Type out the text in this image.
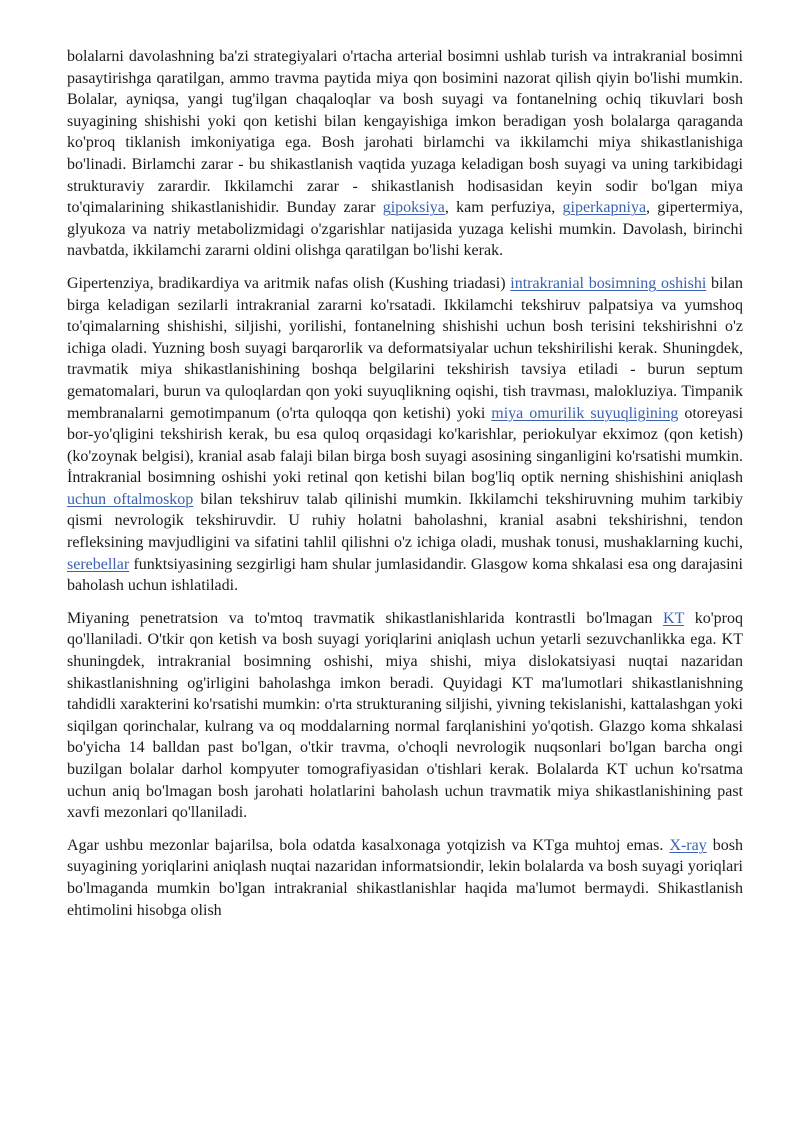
bolalarni davolashning ba'zi strategiyalari o'rtacha arterial bosimni ushlab turish va intrakranial bosimni pasaytirishga qaratilgan, ammo travma paytida miya qon bosimini nazorat qilish qiyin bo'lishi mumkin. Bolalar, ayniqsa, yangi tug'ilgan chaqaloqlar va bosh suyagi va fontanelning ochiq tikuvlari bosh suyagining shishishi yoki qon ketishi bilan kengayishiga imkon beradigan yosh bolalarga qaraganda ko'proq tiklanish imkoniyatiga ega. Bosh jarohati birlamchi va ikkilamchi miya shikastlanishiga bo'linadi. Birlamchi zarar - bu shikastlanish vaqtida yuzaga keladigan bosh suyagi va uning tarkibidagi strukturaviy zarardir. Ikkilamchi zarar - shikastlanish hodisasidan keyin sodir bo'lgan miya to'qimalarining shikastlanishidir. Bunday zarar gipoksiya, kam perfuziya, giperkapniya, gipertermiya, glyukoza va natriy metabolizmidagi o'zgarishlar natijasida yuzaga kelishi mumkin. Davolash, birinchi navbatda, ikkilamchi zararni oldini olishga qaratilgan bo'lishi kerak.

Gipertenziya, bradikardiya va aritmik nafas olish (Kushing triadasi) intrakranial bosimning oshishi bilan birga keladigan sezilarli intrakranial zararni ko'rsatadi. Ikkilamchi tekshiruv palpatsiya va yumshoq to'qimalarning shishishi, siljishi, yorilishi, fontanelning shishishi uchun bosh terisini tekshirishni o'z ichiga oladi. Yuzning bosh suyagi barqarorlik va deformatsiyalar uchun tekshirilishi kerak. Shuningdek, travmatik miya shikastlanishining boshqa belgilarini tekshirish tavsiya etiladi - burun septum gematomalari, burun va quloqlardan qon yoki suyuqlikning oqishi, tish travması, malokluziya. Timpanik membranalarni gemotimpanum (o'rta quloqqa qon ketishi) yoki miya omurilik suyuqligining otoreyasi bor-yo'qligini tekshirish kerak, bu esa quloq orqasidagi ko'karishlar, periokulyar ekximoz (qon ketish) (ko'zoynak belgisi), kranial asab falaji bilan birga bosh suyagi asosining singanligini ko'rsatishi mumkin. İntrakranial bosimning oshishi yoki retinal qon ketishi bilan bog'liq optik nerning shishishini aniqlash uchun oftalmoskop bilan tekshiruv talab qilinishi mumkin. Ikkilamchi tekshiruvning muhim tarkibiy qismi nevrologik tekshiruvdir. U ruhiy holatni baholashni, kranial asabni tekshirishni, tendon refleksining mavjudligini va sifatini tahlil qilishni o'z ichiga oladi, mushak tonusi, mushaklarning kuchi, serebellar funktsiyasining sezgirligi ham shular jumlasidandir. Glasgow koma shkalasi esa ong darajasini baholash uchun ishlatiladi.

Miyaning penetratsion va to'mtoq travmatik shikastlanishlarida kontrastli bo'lmagan KT ko'proq qo'llaniladi. O'tkir qon ketish va bosh suyagi yoriqlarini aniqlash uchun yetarli sezuvchanlikka ega. KT shuningdek, intrakranial bosimning oshishi, miya shishi, miya dislokatsiyasi nuqtai nazaridan shikastlanishning og'irligini baholashga imkon beradi. Quyidagi KT ma'lumotlari shikastlanishning tahdidli xarakterini ko'rsatishi mumkin: o'rta strukturaning siljishi, yivning tekislanishi, kattalashgan yoki siqilgan qorinchalar, kulrang va oq moddalarning normal farqlanishini yo'qotish. Glazgo koma shkalasi bo'yicha 14 balldan past bo'lgan, o'tkir travma, o'choqli nevrologik nuqsonlari bo'lgan barcha ongi buzilgan bolalar darhol kompyuter tomografiyasidan o'tishlari kerak. Bolalarda KT uchun ko'rsatma uchun aniq bo'lmagan bosh jarohati holatlarini baholash uchun travmatik miya shikastlanishining past xavfi mezonlari qo'llaniladi.

Agar ushbu mezonlar bajarilsa, bola odatda kasalxonaga yotqizish va KTga muhtoj emas. X-ray bosh suyagining yoriqlarini aniqlash nuqtai nazaridan informatsiondir, lekin bolalarda va bosh suyagi yoriqlari bo'lmaganda mumkin bo'lgan intrakranial shikastlanishlar haqida ma'lumot bermaydi. Shikastlanish ehtimolini hisobga olish
